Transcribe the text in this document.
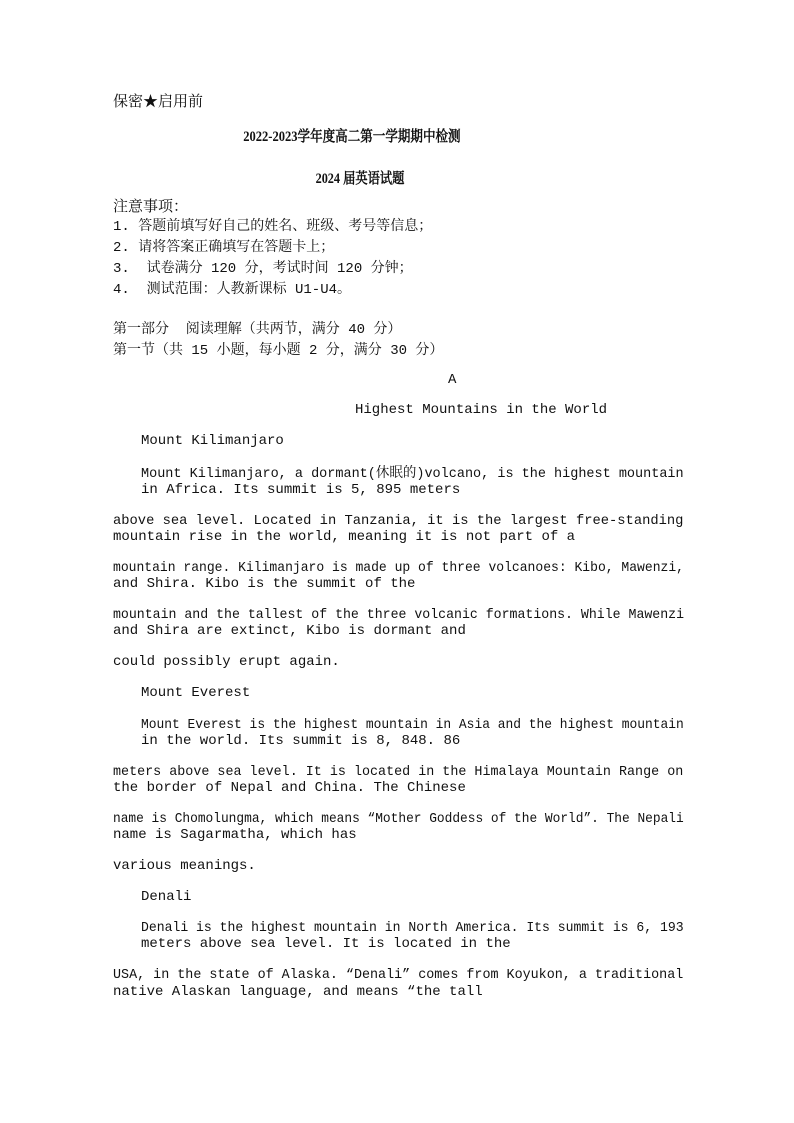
保密★启用前
2022-2023学年度高二第一学期期中检测
2024 届英语试题
注意事项：
1. 答题前填写好自己的姓名、班级、考号等信息；
2. 请将答案正确填写在答题卡上；
3.  试卷满分 120 分，考试时间 120 分钟；
4.  测试范围：人教新课标 U1-U4。
第一部分  阅读理解（共两节，满分 40 分）
第一节（共 15 小题，每小题 2 分，满分 30 分）
A
Highest Mountains in the World
Mount Kilimanjaro
Mount Kilimanjaro, a dormant(休眠的)volcano, is the highest mountain
in Africa. Its summit is 5, 895 meters
above sea level. Located in Tanzania, it is the largest free-standing
mountain rise in the world, meaning it is not part of a
mountain range. Kilimanjaro is made up of three volcanoes: Kibo, Mawenzi,
and Shira. Kibo is the summit of the
mountain and the tallest of the three volcanic formations. While Mawenzi
and Shira are extinct, Kibo is dormant and
could possibly erupt again.
Mount Everest
Mount Everest is the highest mountain in Asia and the highest mountain
in the world. Its summit is 8, 848. 86
meters above sea level. It is located in the Himalaya Mountain Range on
the border of Nepal and China. The Chinese
name is Chomolungma, which means “Mother Goddess of the World”. The Nepali
name is Sagarmatha, which has
various meanings.
Denali
Denali is the highest mountain in North America. Its summit is 6, 193
meters above sea level. It is located in the
USA, in the state of Alaska. “Denali” comes from Koyukon, a traditional
native Alaskan language, and means “the tall
